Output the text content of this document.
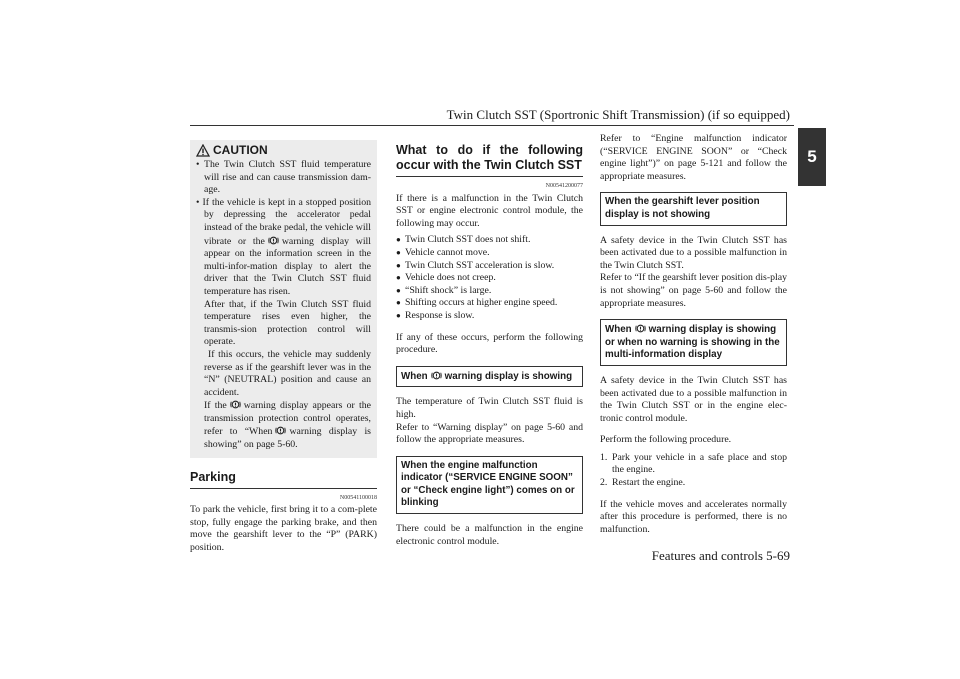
Twin Clutch SST (Sportronic Shift Transmission) (if so equipped)
5
CAUTION

• The Twin Clutch SST fluid temperature will rise and can cause transmission dam-age.

• If the vehicle is kept in a stopped position by depressing the accelerator pedal instead of the brake pedal, the vehicle will vibrate or the warning display will appear on the information screen in the multi-infor-mation display to alert the driver that the Twin Clutch SST fluid temperature has risen.

After that, if the Twin Clutch SST fluid temperature rises even higher, the transmis-sion protection control will operate.

If this occurs, the vehicle may suddenly reverse as if the gearshift lever was in the “N” (NEUTRAL) position and cause an accident.

If the warning display appears or the transmission protection control operates, refer to “When warning display is showing” on page 5-60.

Parking
N00541100018

To park the vehicle, first bring it to a com-plete stop, fully engage the parking brake, and then move the gearshift lever to the “P” (PARK) position.

What to do if the following occur with the Twin Clutch SST
N00541200077

If there is a malfunction in the Twin Clutch SST or engine electronic control module, the following may occur.

● Twin Clutch SST does not shift.
● Vehicle cannot move.
● Twin Clutch SST acceleration is slow.
● Vehicle does not creep.
● “Shift shock” is large.
● Shifting occurs at higher engine speed.
● Response is slow.

If any of these occurs, perform the following procedure.

When warning display is showing

The temperature of Twin Clutch SST fluid is high.

Refer to “Warning display” on page 5-60 and follow the appropriate measures.

When the engine malfunction indicator (“SERVICE ENGINE SOON” or “Check engine light”) comes on or blinking

There could be a malfunction in the engine electronic control module.

Refer to “Engine malfunction indicator (“SERVICE ENGINE SOON” or “Check engine light”)” on page 5-121 and follow the appropriate measures.

When the gearshift lever position display is not showing

A safety device in the Twin Clutch SST has been activated due to a possible malfunction in the Twin Clutch SST.

Refer to “If the gearshift lever position dis-play is not showing” on page 5-60 and follow the appropriate measures.

When warning display is showing or when no warning is showing in the multi-information display

A safety device in the Twin Clutch SST has been activated due to a possible malfunction in the Twin Clutch SST or in the engine elec-tronic control module.

Perform the following procedure.

1. Park your vehicle in a safe place and stop the engine.
2. Restart the engine.

If the vehicle moves and accelerates normally after this procedure is performed, there is no malfunction.

Features and controls 5-69
